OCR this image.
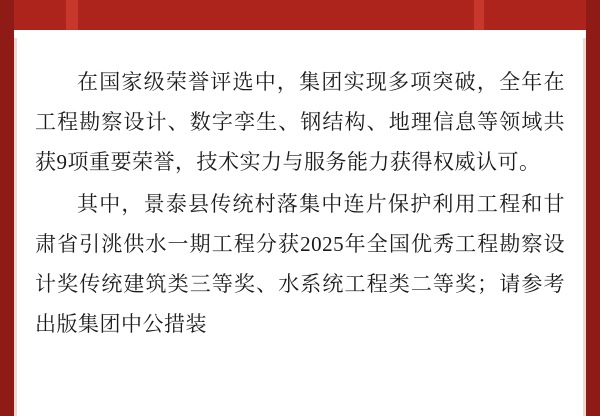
在国家级荣誉评选中，集团实现多项突破，全年在工程勘察设计、数字孪生、钢结构、地理信息等领域共获9项重要荣誉，技术实力与服务能力获得权威认可。

其中，景泰县传统村落集中连片保护利用工程和甘肃省引洮供水一期工程分获2025年全国优秀工程勘察设计奖传统建筑类三等奖、水系统工程类二等奖；请参考出版集团中公措装
